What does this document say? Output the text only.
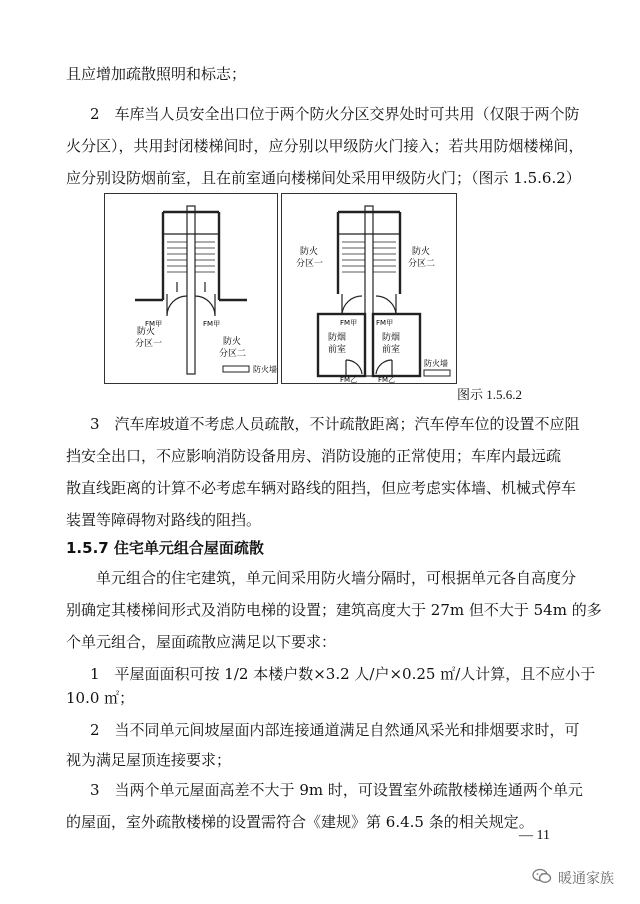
且应增加疏散照明和标志；
2　车库当人员安全出口位于两个防火分区交界处时可共用（仅限于两个防
火分区），共用封闭楼梯间时，应分别以甲级防火门接入；若共用防烟楼梯间，
应分别设防烟前室，且在前室通向楼梯间处采用甲级防火门；（图示 1.5.6.2）
防火
分区一	防火
分区二
FM甲	FM甲
防火墙
防火
分区一
防火
分区二
FM甲	FM甲
防烟
前室
防烟
前室
FM乙	FM乙
防火墙
图示 1.5.6.2
3　汽车库坡道不考虑人员疏散，不计疏散距离；汽车停车位的设置不应阻
挡安全出口，不应影响消防设备用房、消防设施的正常使用；车库内最远疏
散直线距离的计算不必考虑车辆对路线的阻挡，但应考虑实体墙、机械式停车
装置等障碍物对路线的阻挡。
1.5.7 住宅单元组合屋面疏散
单元组合的住宅建筑，单元间采用防火墙分隔时，可根据单元各自高度分
别确定其楼梯间形式及消防电梯的设置；建筑高度大于 27m 但不大于 54m 的多
个单元组合，屋面疏散应满足以下要求：
1　平屋面面积可按 1/2 本楼户数×3.2 人/户×0.25 ㎡/人计算，且不应小于
10.0 ㎡；
2　当不同单元间坡屋面内部连接通道满足自然通风采光和排烟要求时，可
视为满足屋顶连接要求；
3　当两个单元屋面高差不大于 9m 时，可设置室外疏散楼梯连通两个单元
的屋面，室外疏散楼梯的设置需符合《建规》第 6.4.5 条的相关规定。
— 11
暖通家族
